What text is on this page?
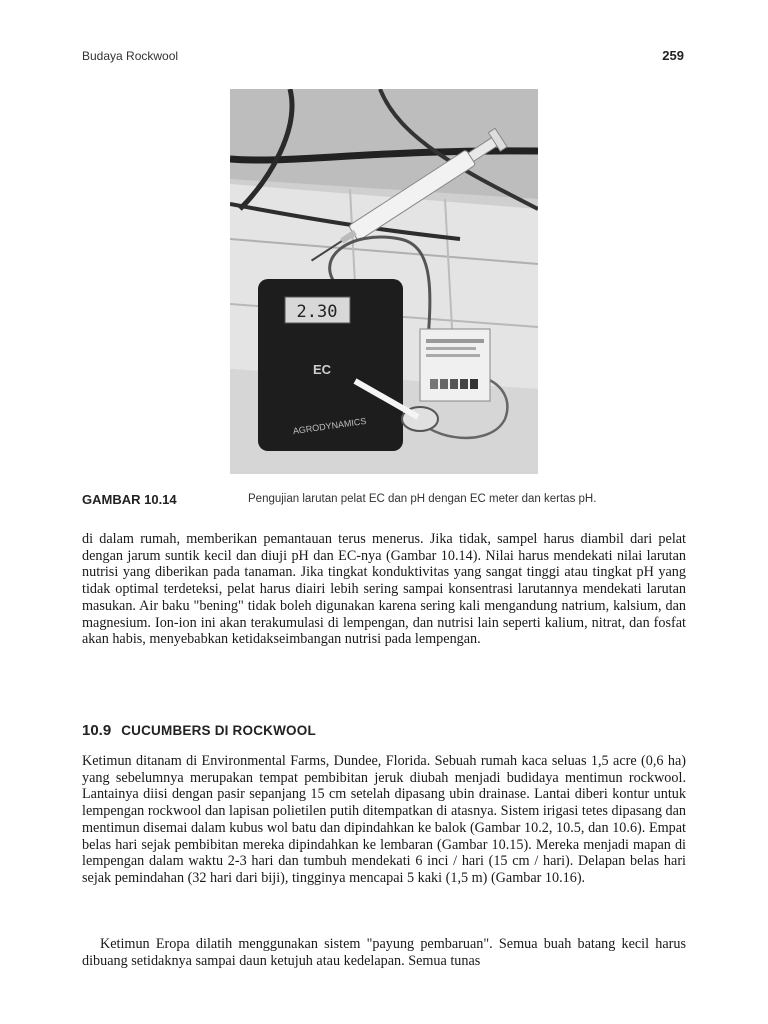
Budaya Rockwool	259
2.30
EC
AGRODYNAMICS
GAMBAR 10.14	Pengujian larutan pelat EC dan pH dengan EC meter dan kertas pH.

di dalam rumah, memberikan pemantauan terus menerus. Jika tidak, sampel harus diambil dari pelat dengan jarum suntik kecil dan diuji pH dan EC-nya (Gambar 10.14). Nilai harus mendekati nilai larutan nutrisi yang diberikan pada tanaman. Jika tingkat konduktivitas yang sangat tinggi atau tingkat pH yang tidak optimal terdeteksi, pelat harus diairi lebih sering sampai konsentrasi larutannya mendekati larutan masukan. Air baku "bening" tidak boleh digunakan karena sering kali mengandung natrium, kalsium, dan magnesium. Ion-ion ini akan terakumulasi di lempengan, dan nutrisi lain seperti kalium, nitrat, dan fosfat akan habis, menyebabkan ketidakseimbangan nutrisi pada lempengan.

10.9 CUCUMBERS DI ROCKWOOL

Ketimun ditanam di Environmental Farms, Dundee, Florida. Sebuah rumah kaca seluas 1,5 acre (0,6 ha) yang sebelumnya merupakan tempat pembibitan jeruk diubah menjadi budidaya mentimun rockwool. Lantainya diisi dengan pasir sepanjang 15 cm setelah dipasang ubin drainase. Lantai diberi kontur untuk lempengan rockwool dan lapisan polietilen putih ditempatkan di atasnya. Sistem irigasi tetes dipasang dan mentimun disemai dalam kubus wol batu dan dipindahkan ke balok (Gambar 10.2, 10.5, dan 10.6). Empat belas hari sejak pembibitan mereka dipindahkan ke lembaran (Gambar 10.15). Mereka menjadi mapan di lempengan dalam waktu 2-3 hari dan tumbuh mendekati 6 inci / hari (15 cm / hari). Delapan belas hari sejak pemindahan (32 hari dari biji), tingginya mencapai 5 kaki (1,5 m) (Gambar 10.16).

Ketimun Eropa dilatih menggunakan sistem "payung pembaruan". Semua buah batang kecil harus dibuang setidaknya sampai daun ketujuh atau kedelapan. Semua tunas
